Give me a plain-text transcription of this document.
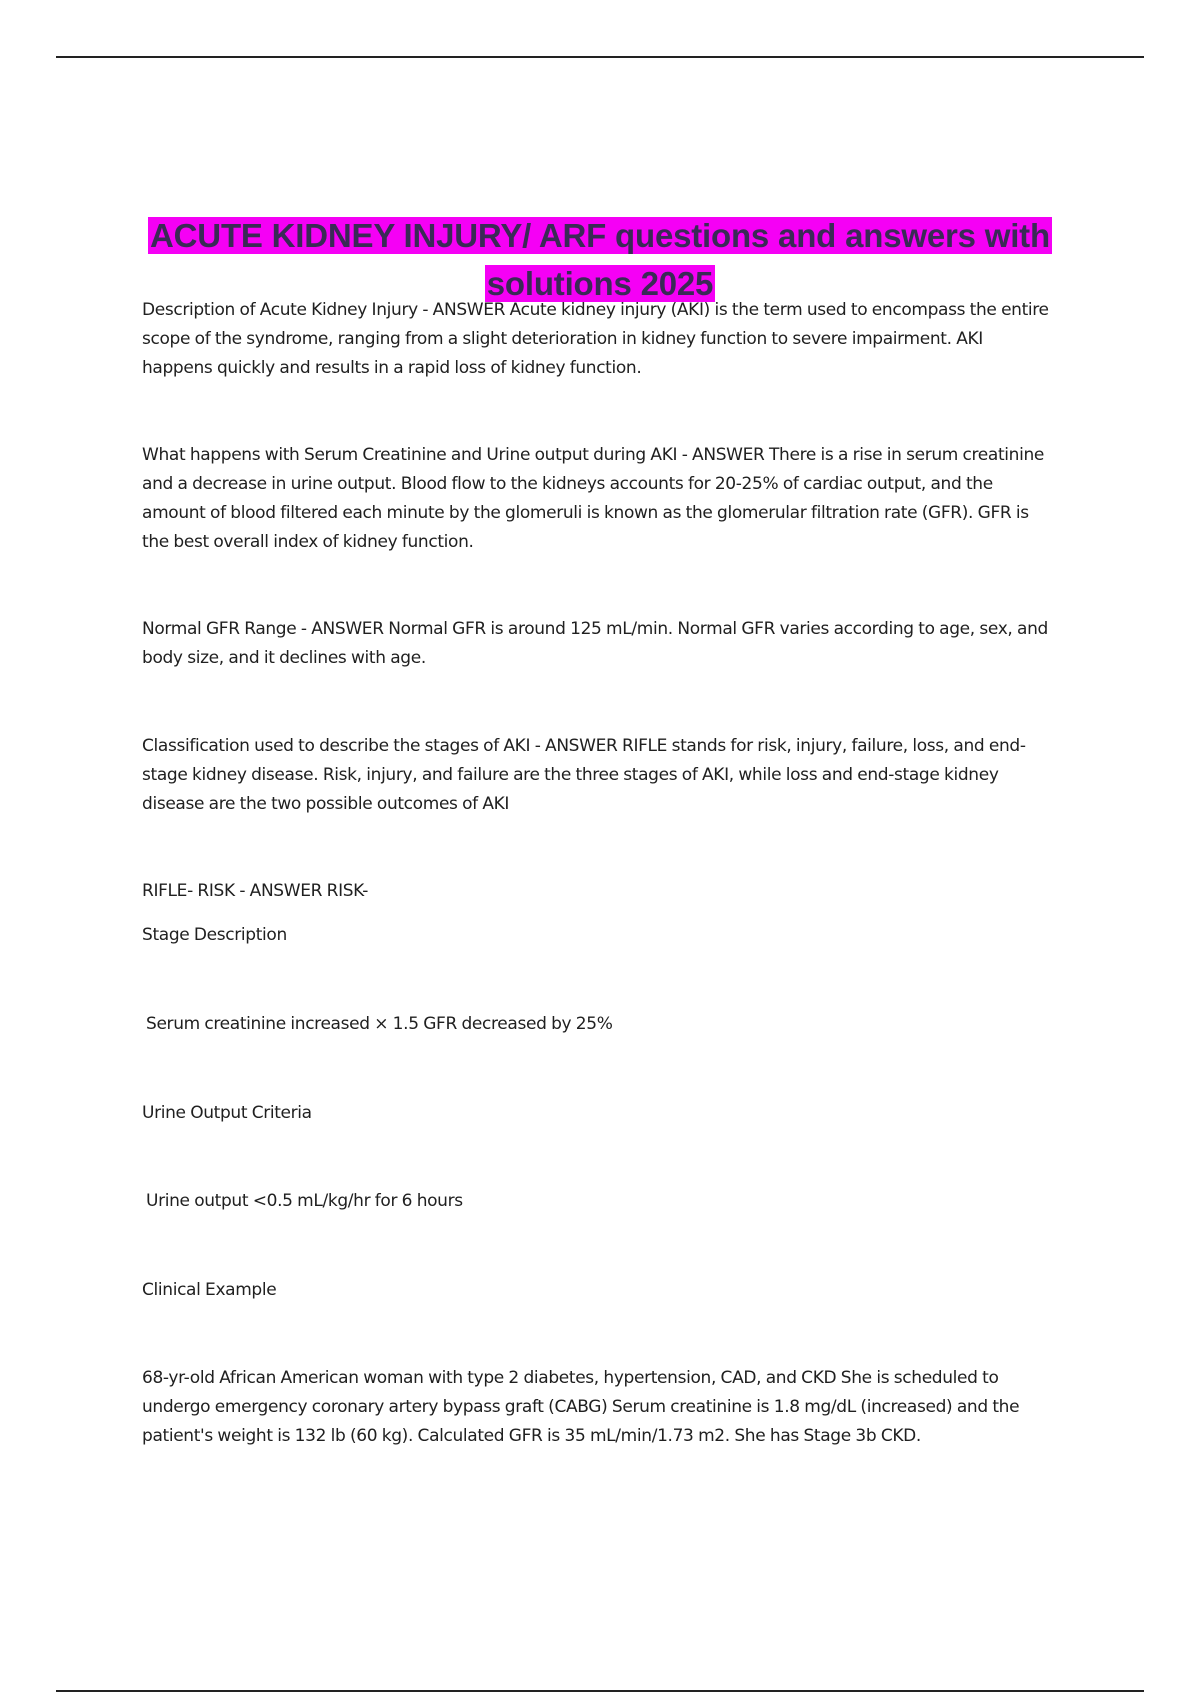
ACUTE KIDNEY INJURY/ ARF questions and answers with solutions 2025
Description of Acute Kidney Injury - ANSWER Acute kidney injury (AKI) is the term used to encompass the entire scope of the syndrome, ranging from a slight deterioration in kidney function to severe impairment. AKI happens quickly and results in a rapid loss of kidney function.
What happens with Serum Creatinine and Urine output during AKI - ANSWER There is a rise in serum creatinine and a decrease in urine output. Blood flow to the kidneys accounts for 20-25% of cardiac output, and the amount of blood filtered each minute by the glomeruli is known as the glomerular filtration rate (GFR). GFR is the best overall index of kidney function.
Normal GFR Range - ANSWER Normal GFR is around 125 mL/min. Normal GFR varies according to age, sex, and body size, and it declines with age.
Classification used to describe the stages of AKI - ANSWER RIFLE stands for risk, injury, failure, loss, and end-stage kidney disease. Risk, injury, and failure are the three stages of AKI, while loss and end-stage kidney disease are the two possible outcomes of AKI
RIFLE- RISK - ANSWER RISK-
Stage Description
Serum creatinine increased × 1.5 GFR decreased by 25%
Urine Output Criteria
Urine output <0.5 mL/kg/hr for 6 hours
Clinical Example
68-yr-old African American woman with type 2 diabetes, hypertension, CAD, and CKD She is scheduled to undergo emergency coronary artery bypass graft (CABG) Serum creatinine is 1.8 mg/dL (increased) and the patient's weight is 132 lb (60 kg). Calculated GFR is 35 mL/min/1.73 m2. She has Stage 3b CKD.
